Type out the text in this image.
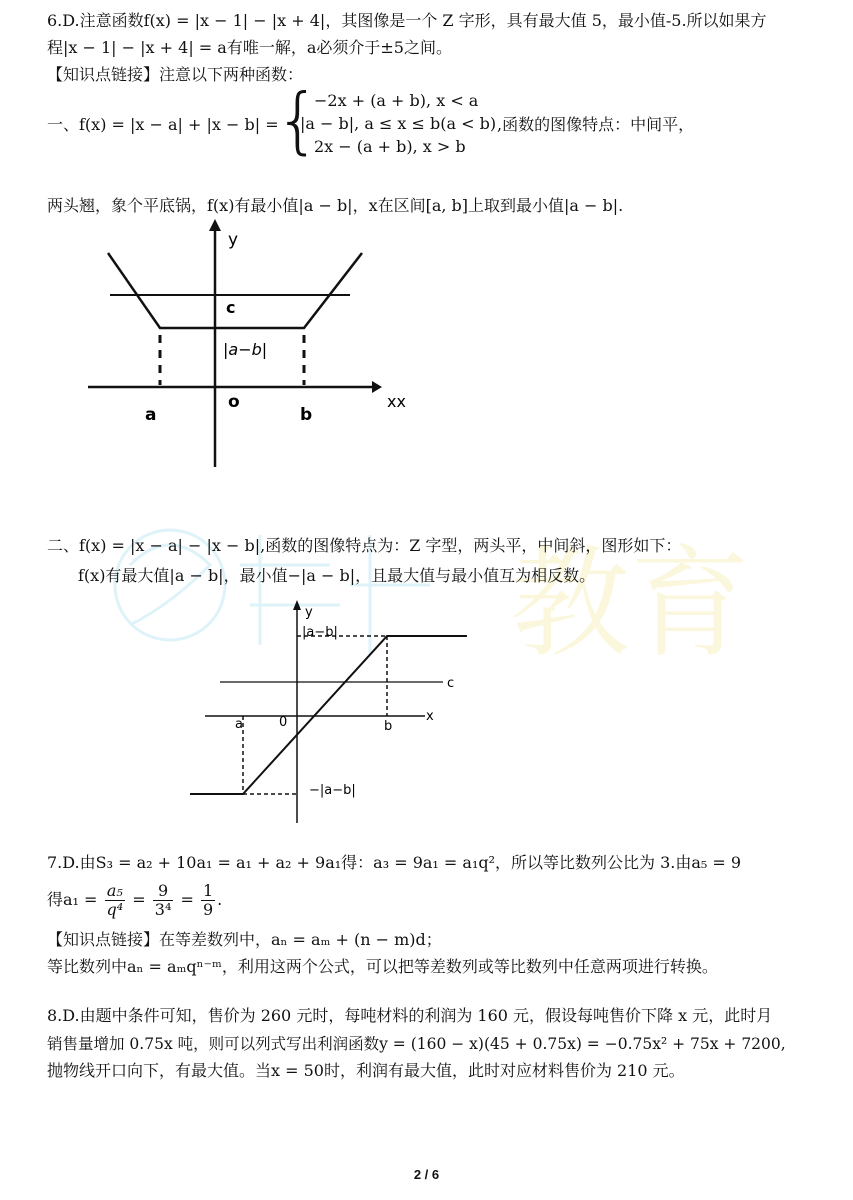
教育
6.D.注意函数f(x) = |x − 1| − |x + 4|，其图像是一个 Z 字形，具有最大值 5，最小值-5.所以如果方
程|x − 1| − |x + 4| = a有唯一解，a必须介于±5之间。
【知识点链接】注意以下两种函数：
一、f(x) = |x − a| + |x − b| =
{
−2x + (a + b), x < a
|a − b|, a ≤ x ≤ b(a < b)
2x − (a + b), x > b
,函数的图像特点：中间平，
两头翘，象个平底锅，f(x)有最小值|a − b|，x在区间[a, b]上取到最小值|a − b|.
y
c
|a−b|
a
o
b
xx
二、f(x) = |x − a| − |x − b|,函数的图像特点为：Z 字型，两头平，中间斜，图形如下：
f(x)有最大值|a − b|，最小值−|a − b|，且最大值与最小值互为相反数。
y
|a−b|
c
a	0	b
x
−|a−b|
7.D.由S₃ = a₂ + 10a₁ = a₁ + a₂ + 9a₁得：a₃ = 9a₁ = a₁q²，所以等比数列公比为 3.由a₅ = 9
得$a_1 = \frac{\text{a₅}}{\text{q⁴}} = \frac{9}{\text{3⁴}} = \frac{1}{9}$ .
【知识点链接】在等差数列中，aₙ = aₘ + (n − m)d；
等比数列中aₙ = aₘqⁿ⁻ᵐ，利用这两个公式，可以把等差数列或等比数列中任意两项进行转换。
8.D.由题中条件可知，售价为 260 元时，每吨材料的利润为 160 元，假设每吨售价下降 x 元，此时月
销售量增加 0.75x 吨，则可以列式写出利润函数y = (160 − x)(45 + 0.75x) = −0.75x² + 75x + 7200,
抛物线开口向下，有最大值。当x = 50时，利润有最大值，此时对应材料售价为 210 元。
2 / 6
